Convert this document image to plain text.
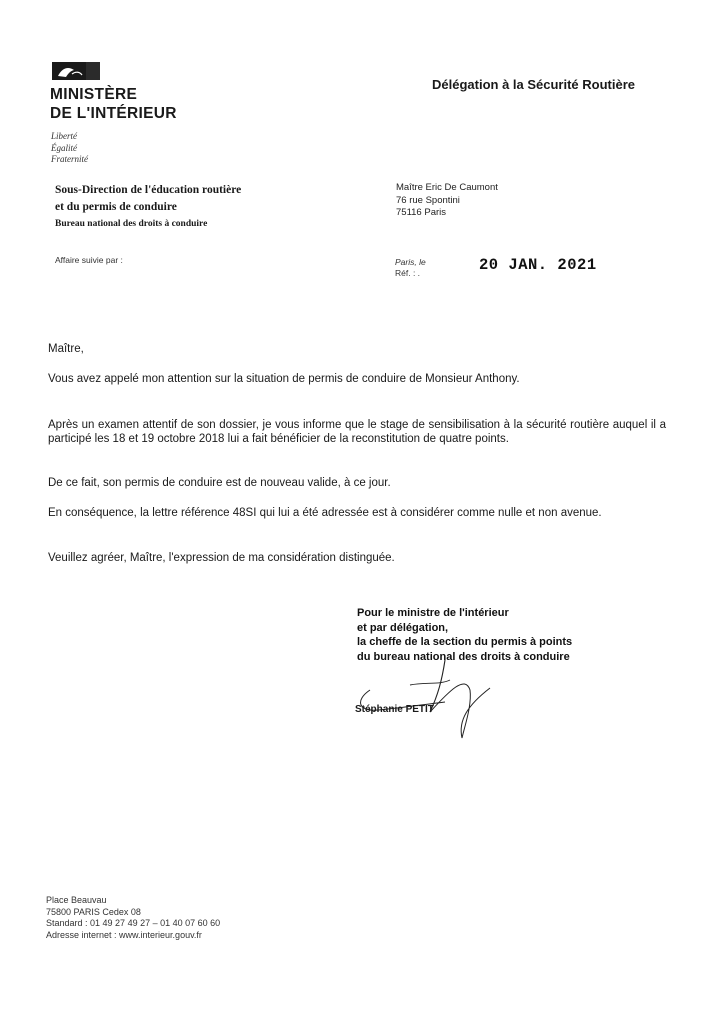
MINISTÈRE
DE L'INTÉRIEUR
Liberté
Égalité
Fraternité
Délégation à la Sécurité Routière
Sous-Direction de l'éducation routière
et du permis de conduire
Bureau national des droits à conduire
Affaire suivie par :
Maître Eric De Caumont
76 rue Spontini
75116 Paris
Paris, le
Réf. : .	20 JAN. 2021
Maître,
Vous avez appelé mon attention sur la situation de permis de conduire de Monsieur Anthony.
Après un examen attentif de son dossier, je vous informe que le stage de sensibilisation à la sécurité routière auquel il a participé les 18 et 19 octobre 2018 lui a fait bénéficier de la reconstitution de quatre points.
De ce fait, son permis de conduire est de nouveau valide, à ce jour.
En conséquence, la lettre référence 48SI qui lui a été adressée est à considérer comme nulle et non avenue.
Veuillez agréer, Maître, l'expression de ma considération distinguée.
Pour le ministre de l'intérieur
et par délégation,
la cheffe de la section du permis à points
du bureau national des droits à conduire
Stéphanie PETIT
Place Beauvau
75800 PARIS Cedex 08
Standard : 01 49 27 49 27 – 01 40 07 60 60
Adresse internet : www.interieur.gouv.fr
